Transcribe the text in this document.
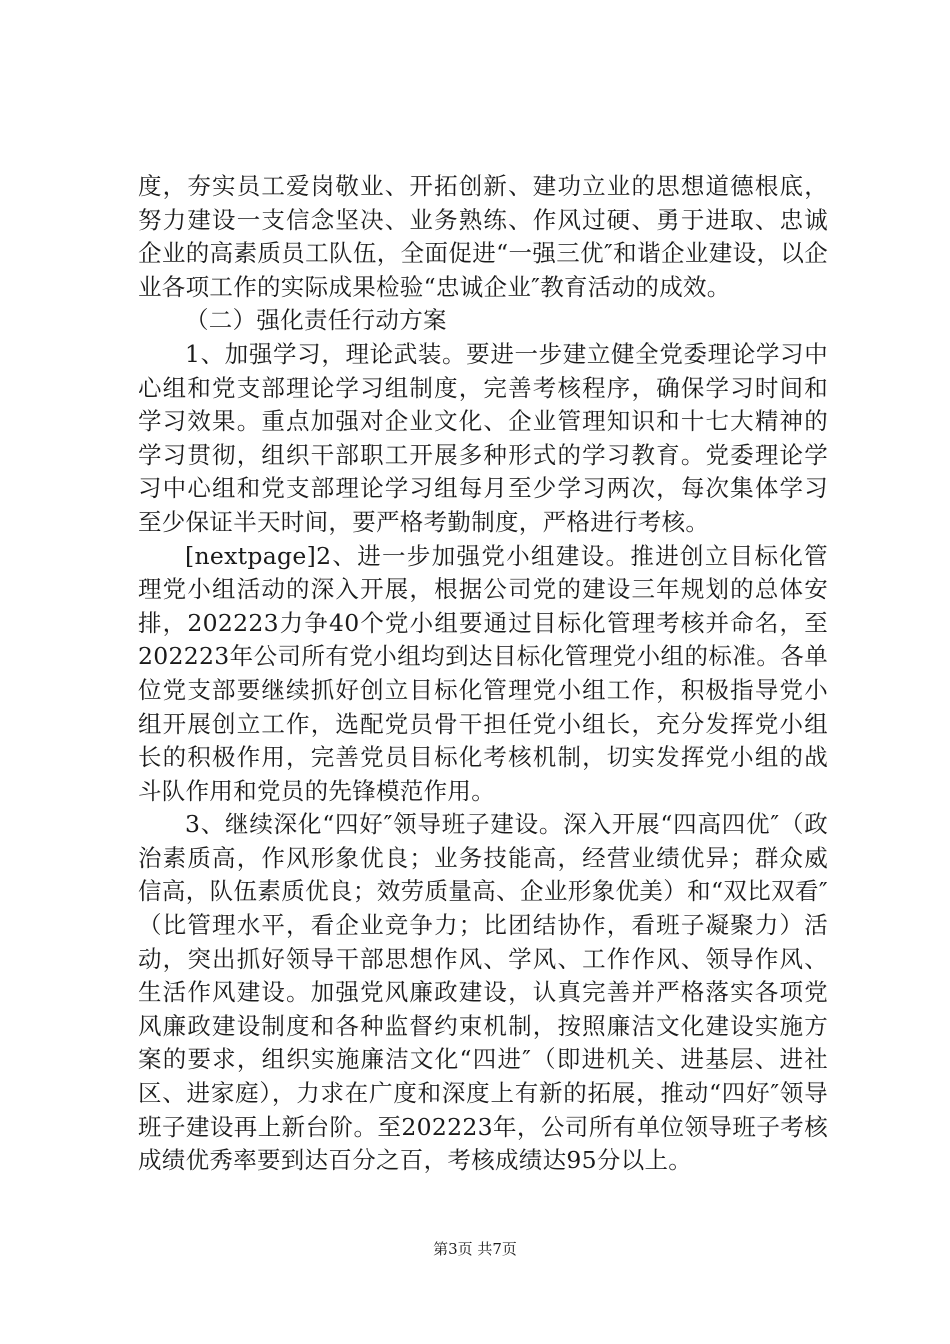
度，夯实员工爱岗敬业、开拓创新、建功立业的思想道德根底，努力建设一支信念坚决、业务熟练、作风过硬、勇于进取、忠诚企业的高素质员工队伍，全面促进“一强三优″和谐企业建设，以企业各项工作的实际成果检验“忠诚企业″教育活动的成效。

（二）强化责任行动方案

1、加强学习，理论武装。要进一步建立健全党委理论学习中心组和党支部理论学习组制度，完善考核程序，确保学习时间和学习效果。重点加强对企业文化、企业管理知识和十七大精神的学习贯彻，组织干部职工开展多种形式的学习教育。党委理论学习中心组和党支部理论学习组每月至少学习两次，每次集体学习至少保证半天时间，要严格考勤制度，严格进行考核。

[nextpage]2、进一步加强党小组建设。推进创立目标化管理党小组活动的深入开展，根据公司党的建设三年规划的总体安排，202223力争40个党小组要通过目标化管理考核并命名，至202223年公司所有党小组均到达目标化管理党小组的标准。各单位党支部要继续抓好创立目标化管理党小组工作，积极指导党小组开展创立工作，选配党员骨干担任党小组长，充分发挥党小组长的积极作用，完善党员目标化考核机制，切实发挥党小组的战斗队作用和党员的先锋模范作用。

3、继续深化“四好″领导班子建设。深入开展“四高四优″（政治素质高，作风形象优良；业务技能高，经营业绩优异；群众威信高，队伍素质优良；效劳质量高、企业形象优美）和“双比双看″（比管理水平，看企业竞争力；比团结协作，看班子凝聚力）活动，突出抓好领导干部思想作风、学风、工作作风、领导作风、生活作风建设。加强党风廉政建设，认真完善并严格落实各项党风廉政建设制度和各种监督约束机制，按照廉洁文化建设实施方案的要求，组织实施廉洁文化“四进″（即进机关、进基层、进社区、进家庭），力求在广度和深度上有新的拓展，推动“四好″领导班子建设再上新台阶。至202223年，公司所有单位领导班子考核成绩优秀率要到达百分之百，考核成绩达95分以上。

第3页 共7页
